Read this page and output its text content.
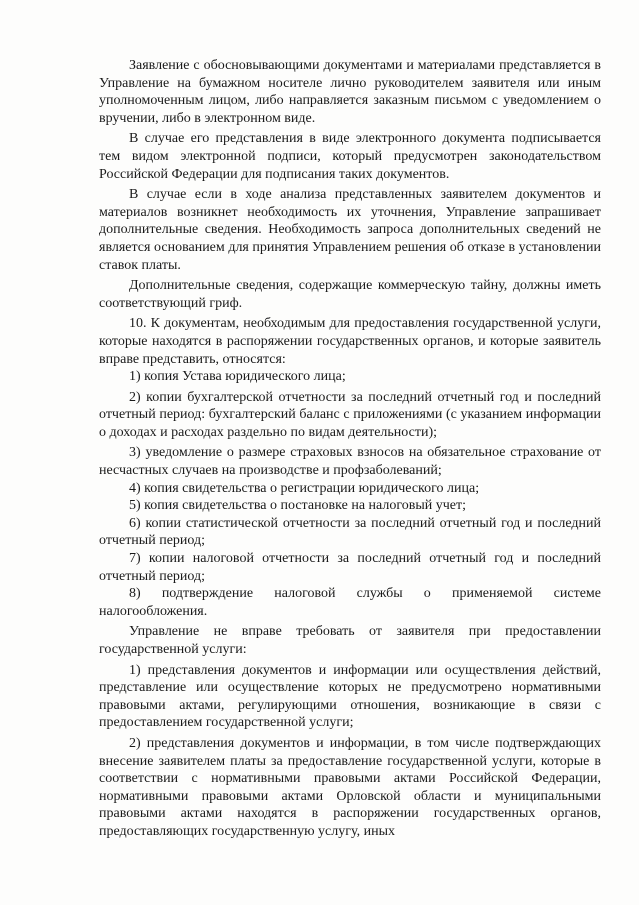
Заявление с обосновывающими документами и материалами представляется в Управление на бумажном носителе лично руководителем заявителя или иным уполномоченным лицом, либо направляется заказным письмом с уведомлением о вручении, либо в электронном виде.

В случае его представления в виде электронного документа подписывается тем видом электронной подписи, который предусмотрен законодательством Российской Федерации для подписания таких документов.

В случае если в ходе анализа представленных заявителем документов и материалов возникнет необходимость их уточнения, Управление запрашивает дополнительные сведения. Необходимость запроса дополнительных сведений не является основанием для принятия Управлением решения об отказе в установлении ставок платы.

Дополнительные сведения, содержащие коммерческую тайну, должны иметь соответствующий гриф.

10. К документам, необходимым для предоставления государственной услуги, которые находятся в распоряжении государственных органов, и которые заявитель вправе представить, относятся:

1) копия Устава юридического лица;

2) копии бухгалтерской отчетности за последний отчетный год и последний отчетный период: бухгалтерский баланс с приложениями (с указанием информации о доходах и расходах раздельно по видам деятельности);

3) уведомление о размере страховых взносов на обязательное страхование от несчастных случаев на производстве и профзаболеваний;

4) копия свидетельства о регистрации юридического лица;

5) копия свидетельства о постановке на налоговый учет;

6) копии статистической отчетности за последний отчетный год и последний отчетный период;

7) копии налоговой отчетности за последний отчетный год и последний отчетный период;

8) подтверждение налоговой службы о применяемой системе налогообложения.

Управление не вправе требовать от заявителя при предоставлении государственной услуги:

1) представления документов и информации или осуществления действий, представление или осуществление которых не предусмотрено нормативными правовыми актами, регулирующими отношения, возникающие в связи с предоставлением государственной услуги;

2) представления документов и информации, в том числе подтверждающих внесение заявителем платы за предоставление государственной услуги, которые в соответствии с нормативными правовыми актами Российской Федерации, нормативными правовыми актами Орловской области и муниципальными правовыми актами находятся в распоряжении государственных органов, предоставляющих государственную услугу, иных
